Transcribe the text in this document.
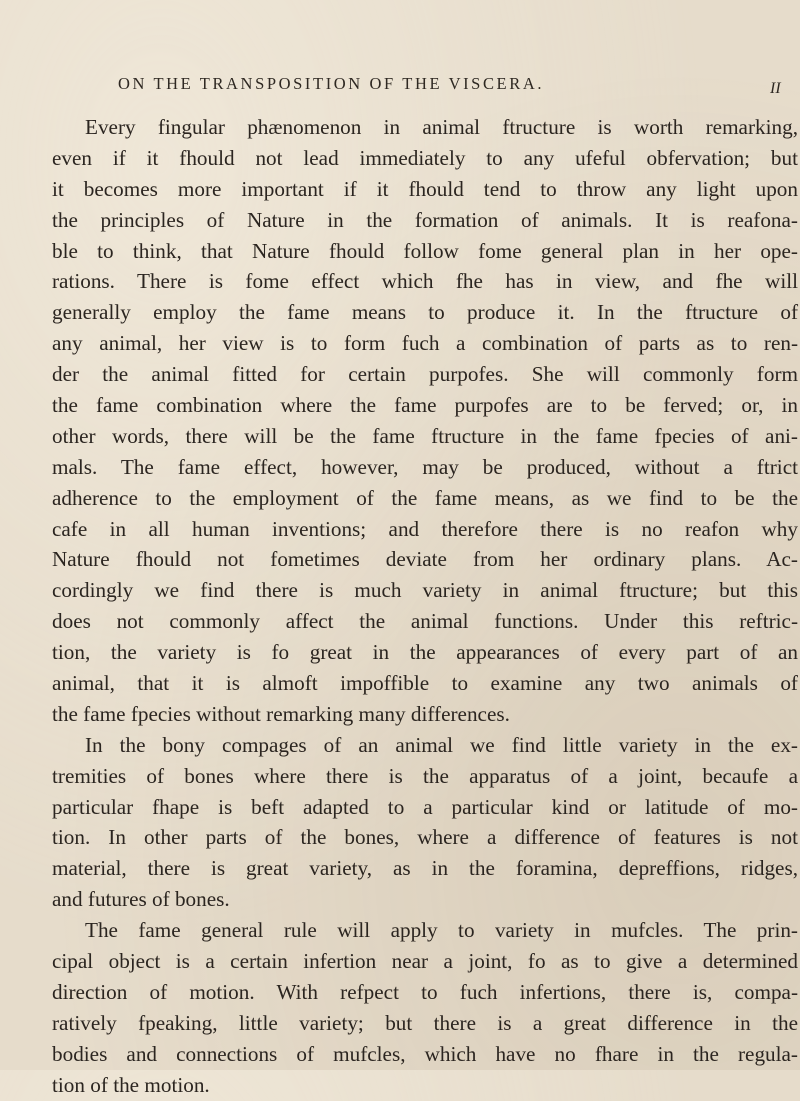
ON THE TRANSPOSITION OF THE VISCERA.	II
Every fingular phænomenon in animal ftructure is worth remarking,
even if it fhould not lead immediately to any ufeful obfervation; but
it becomes more important if it fhould tend to throw any light upon
the principles of Nature in the formation of animals. It is reafona-
ble to think, that Nature fhould follow fome general plan in her ope-
rations. There is fome effect which fhe has in view, and fhe will
generally employ the fame means to produce it. In the ftructure of
any animal, her view is to form fuch a combination of parts as to ren-
der the animal fitted for certain purpofes. She will commonly form
the fame combination where the fame purpofes are to be ferved; or, in
other words, there will be the fame ftructure in the fame fpecies of ani-
mals. The fame effect, however, may be produced, without a ftrict
adherence to the employment of the fame means, as we find to be the
cafe in all human inventions; and therefore there is no reafon why
Nature fhould not fometimes deviate from her ordinary plans. Ac-
cordingly we find there is much variety in animal ftructure; but this
does not commonly affect the animal functions. Under this reftric-
tion, the variety is fo great in the appearances of every part of an
animal, that it is almoft impoffible to examine any two animals of
the fame fpecies without remarking many differences.
In the bony compages of an animal we find little variety in the ex-
tremities of bones where there is the apparatus of a joint, becaufe a
particular fhape is beft adapted to a particular kind or latitude of mo-
tion. In other parts of the bones, where a difference of features is not
material, there is great variety, as in the foramina, depreffions, ridges,
and futures of bones.
The fame general rule will apply to variety in mufcles. The prin-
cipal object is a certain infertion near a joint, fo as to give a determined
direction of motion. With refpect to fuch infertions, there is, compa-
ratively fpeaking, little variety; but there is a great difference in the
bodies and connections of mufcles, which have no fhare in the regula-
tion of the motion.
